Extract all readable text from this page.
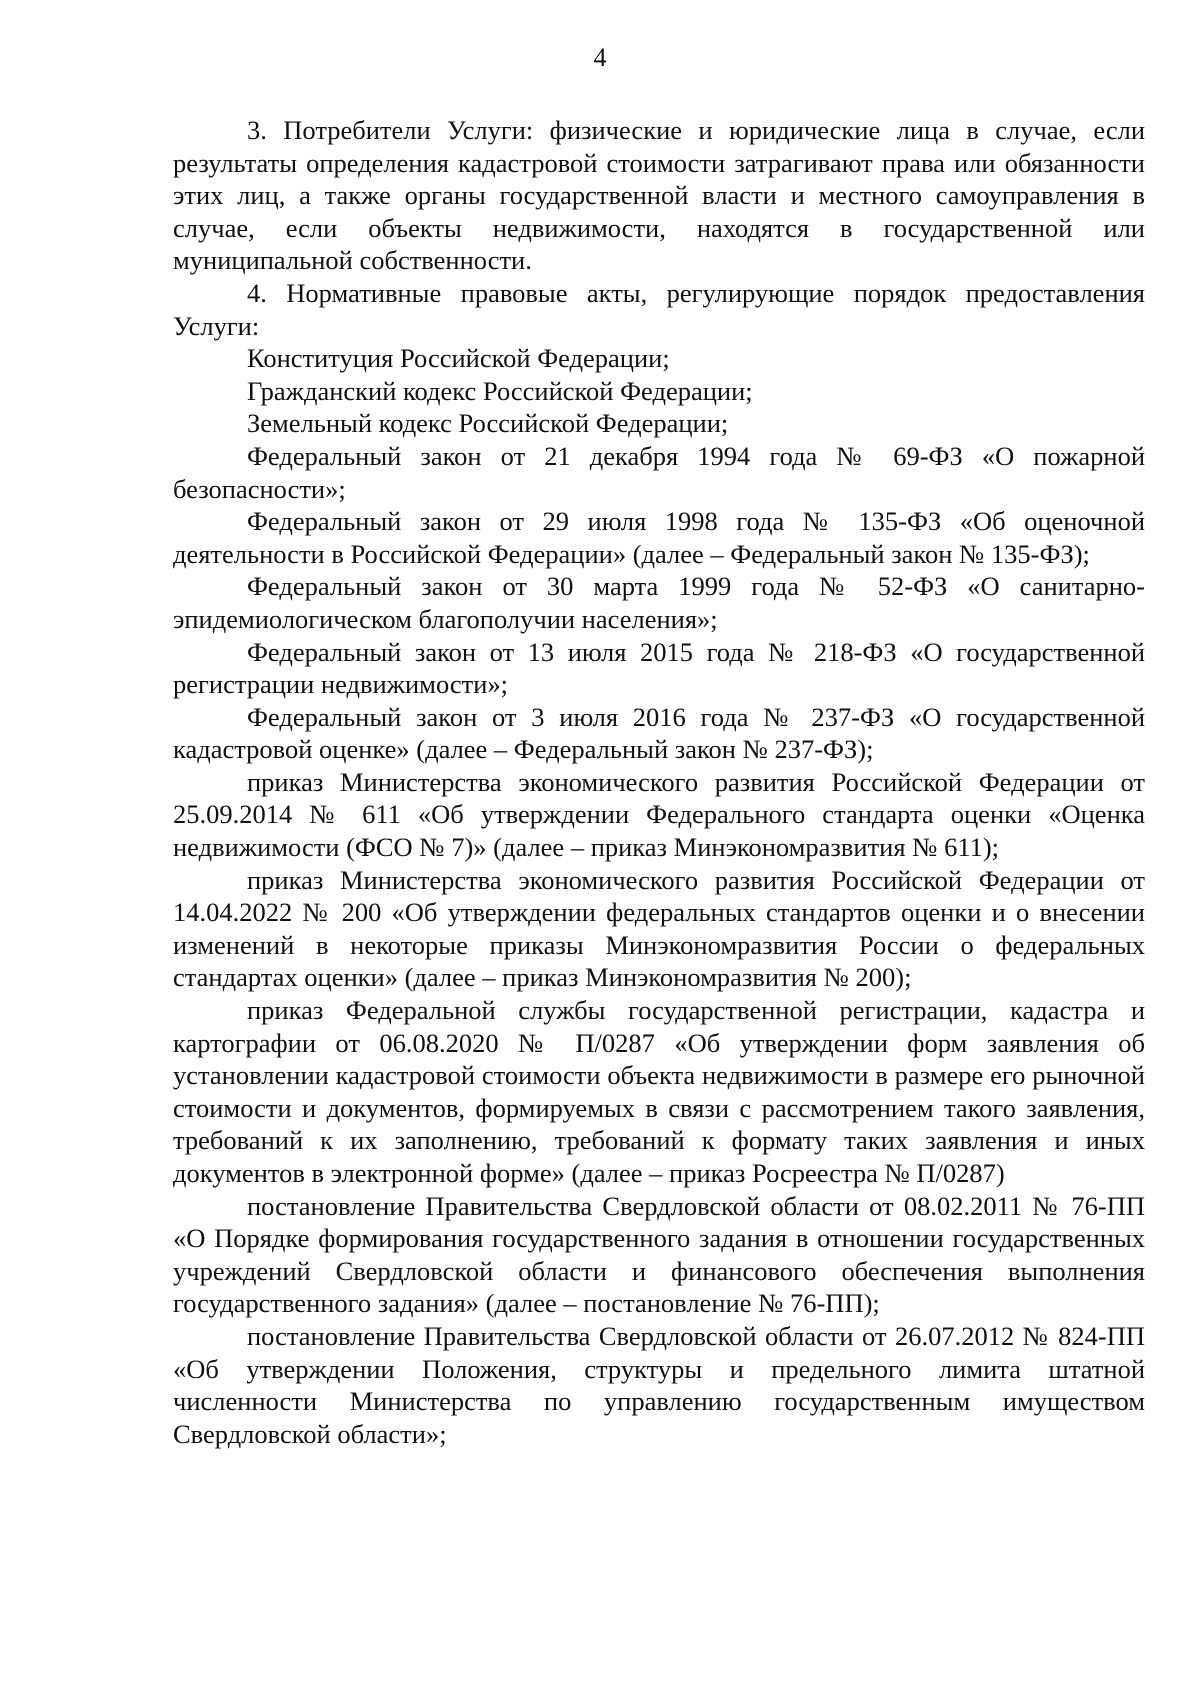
4

3. Потребители Услуги: физические и юридические лица в случае, если результаты определения кадастровой стоимости затрагивают права или обязанности этих лиц, а также органы государственной власти и местного самоуправления в случае, если объекты недвижимости, находятся в государственной или муниципальной собственности.

4. Нормативные правовые акты, регулирующие порядок предоставления Услуги:

Конституция Российской Федерации;

Гражданский кодекс Российской Федерации;

Земельный кодекс Российской Федерации;

Федеральный закон от 21 декабря 1994 года № 69-ФЗ «О пожарной безопасности»;

Федеральный закон от 29 июля 1998 года № 135-ФЗ «Об оценочной деятельности в Российской Федерации» (далее – Федеральный закон № 135-ФЗ);

Федеральный закон от 30 марта 1999 года № 52-ФЗ «О санитарно-эпидемиологическом благополучии населения»;

Федеральный закон от 13 июля 2015 года № 218-ФЗ «О государственной регистрации недвижимости»;

Федеральный закон от 3 июля 2016 года № 237-ФЗ «О государственной кадастровой оценке» (далее – Федеральный закон № 237-ФЗ);

приказ Министерства экономического развития Российской Федерации от 25.09.2014 № 611 «Об утверждении Федерального стандарта оценки «Оценка недвижимости (ФСО № 7)» (далее – приказ Минэкономразвития № 611);

приказ Министерства экономического развития Российской Федерации от 14.04.2022 № 200 «Об утверждении федеральных стандартов оценки и о внесении изменений в некоторые приказы Минэкономразвития России о федеральных стандартах оценки» (далее – приказ Минэкономразвития № 200);

приказ Федеральной службы государственной регистрации, кадастра и картографии от 06.08.2020 № П/0287 «Об утверждении форм заявления об установлении кадастровой стоимости объекта недвижимости в размере его рыночной стоимости и документов, формируемых в связи с рассмотрением такого заявления, требований к их заполнению, требований к формату таких заявления и иных документов в электронной форме» (далее – приказ Росреестра № П/0287)

постановление Правительства Свердловской области от 08.02.2011 № 76-ПП «О Порядке формирования государственного задания в отношении государственных учреждений Свердловской области и финансового обеспечения выполнения государственного задания» (далее – постановление № 76-ПП);

постановление Правительства Свердловской области от 26.07.2012 № 824-ПП «Об утверждении Положения, структуры и предельного лимита штатной численности Министерства по управлению государственным имуществом Свердловской области»;
